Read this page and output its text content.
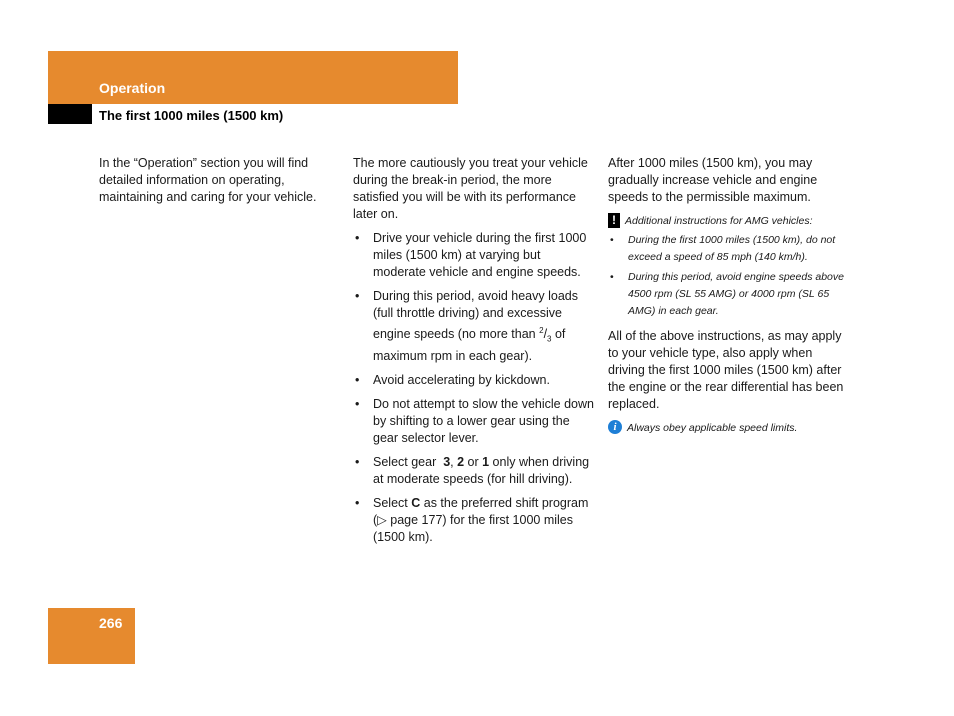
Operation
The first 1000 miles (1500 km)

In the “Operation” section you will find detailed information on operating, maintaining and caring for your vehicle.

The more cautiously you treat your vehicle during the break-in period, the more satisfied you will be with its performance later on.

• Drive your vehicle during the first 1000 miles (1500 km) at varying but moderate vehicle and engine speeds.
• During this period, avoid heavy loads (full throttle driving) and excessive engine speeds (no more than $^2/_3$ of maximum rpm in each gear).
• Avoid accelerating by kickdown.
• Do not attempt to slow the vehicle down by shifting to a lower gear using the gear selector lever.
• Select gear 3, 2 or 1 only when driving at moderate speeds (for hill driving).
• Select C as the preferred shift program (▷ page 177) for the first 1000 miles (1500 km).

After 1000 miles (1500 km), you may gradually increase vehicle and engine speeds to the permissible maximum.

! Additional instructions for AMG vehicles:
• During the first 1000 miles (1500 km), do not exceed a speed of 85 mph (140 km/h).
• During this period, avoid engine speeds above 4500 rpm (SL 55 AMG) or 4000 rpm (SL 65 AMG) in each gear.

All of the above instructions, as may apply to your vehicle type, also apply when driving the first 1000 miles (1500 km) after the engine or the rear differential has been replaced.

i Always obey applicable speed limits.
266
